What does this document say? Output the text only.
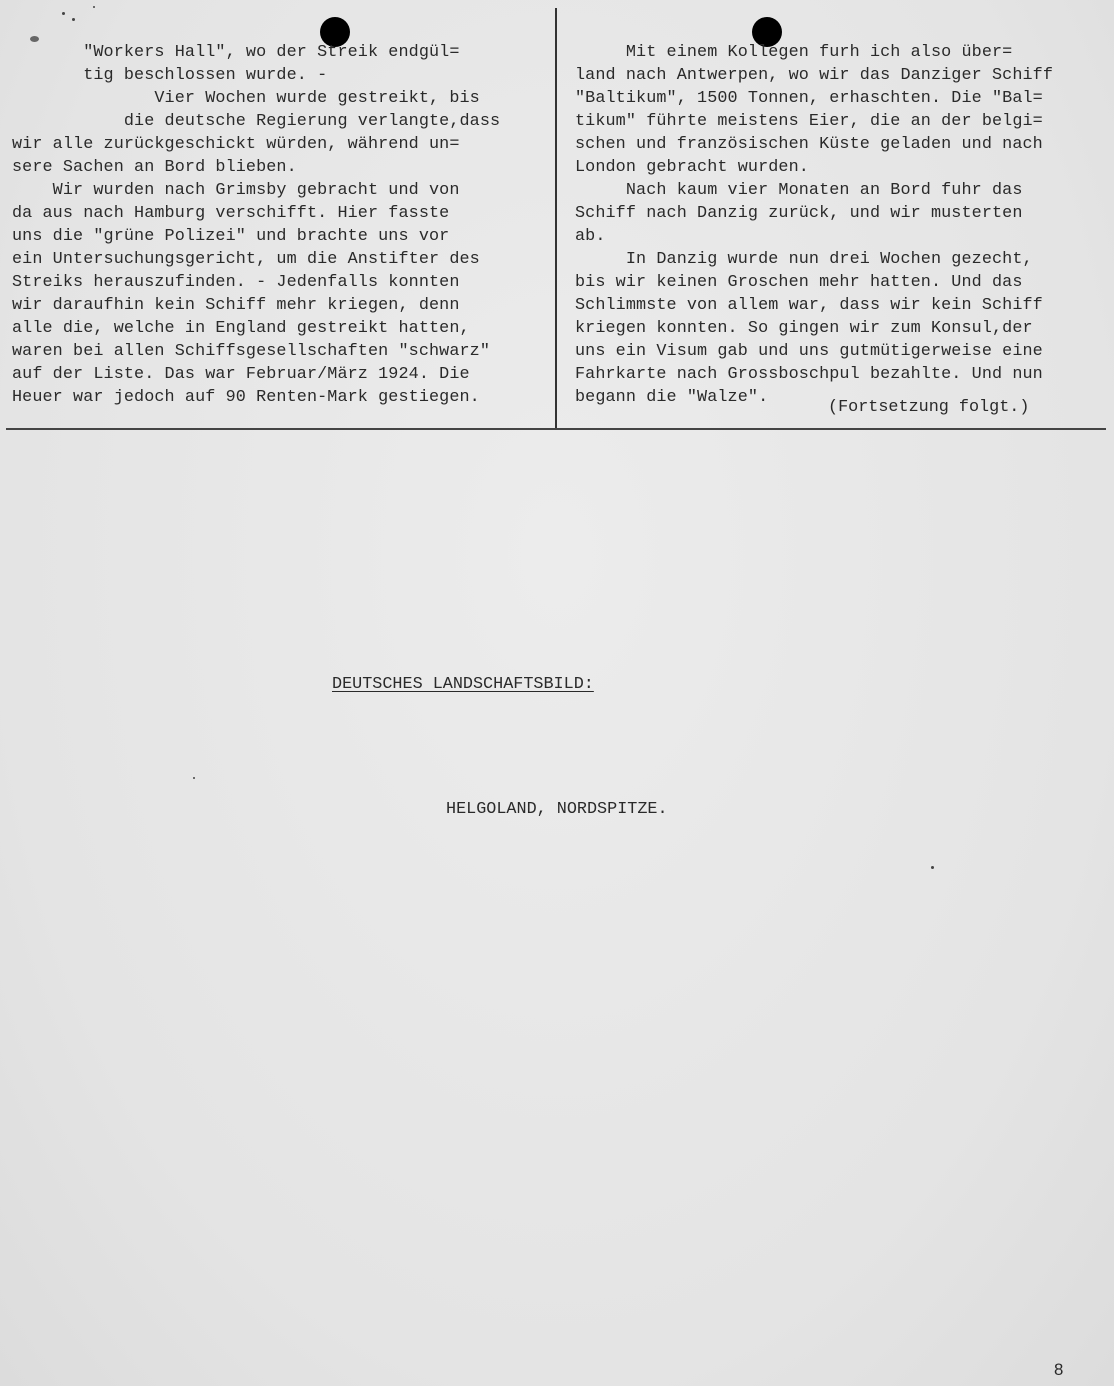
"Workers Hall", wo der Streik endgül=
tig beschlossen wurde. -
Vier Wochen wurde gestreikt, bis
die deutsche Regierung verlangte,dass
wir alle zurückgeschickt würden, während un=
sere Sachen an Bord blieben.
Wir wurden nach Grimsby gebracht und von
da aus nach Hamburg verschifft. Hier fasste
uns die "grüne Polizei" und brachte uns vor
ein Untersuchungsgericht, um die Anstifter des
Streiks herauszufinden. - Jedenfalls konnten
wir daraufhin kein Schiff mehr kriegen, denn
alle die, welche in England gestreikt hatten,
waren bei allen Schiffsgesellschaften "schwarz"
auf der Liste. Das war Februar/März 1924. Die
Heuer war jedoch auf 90 Renten-Mark gestiegen.
Mit einem Kollegen furh ich also über=
land nach Antwerpen, wo wir das Danziger Schiff
"Baltikum", 1500 Tonnen, erhaschten. Die "Bal=
tikum" führte meistens Eier, die an der belgi=
schen und französischen Küste geladen und nach
London gebracht wurden.
Nach kaum vier Monaten an Bord fuhr das
Schiff nach Danzig zurück, und wir musterten
ab.
In Danzig wurde nun drei Wochen gezecht,
bis wir keinen Groschen mehr hatten. Und das
Schlimmste von allem war, dass wir kein Schiff
kriegen konnten. So gingen wir zum Konsul,der
uns ein Visum gab und uns gutmütigerweise eine
Fahrkarte nach Grossboschpul bezahlte. Und nun
begann die "Walze".
(Fortsetzung folgt.)
DEUTSCHES LANDSCHAFTSBILD:
HELGOLAND, NORDSPITZE.
8
